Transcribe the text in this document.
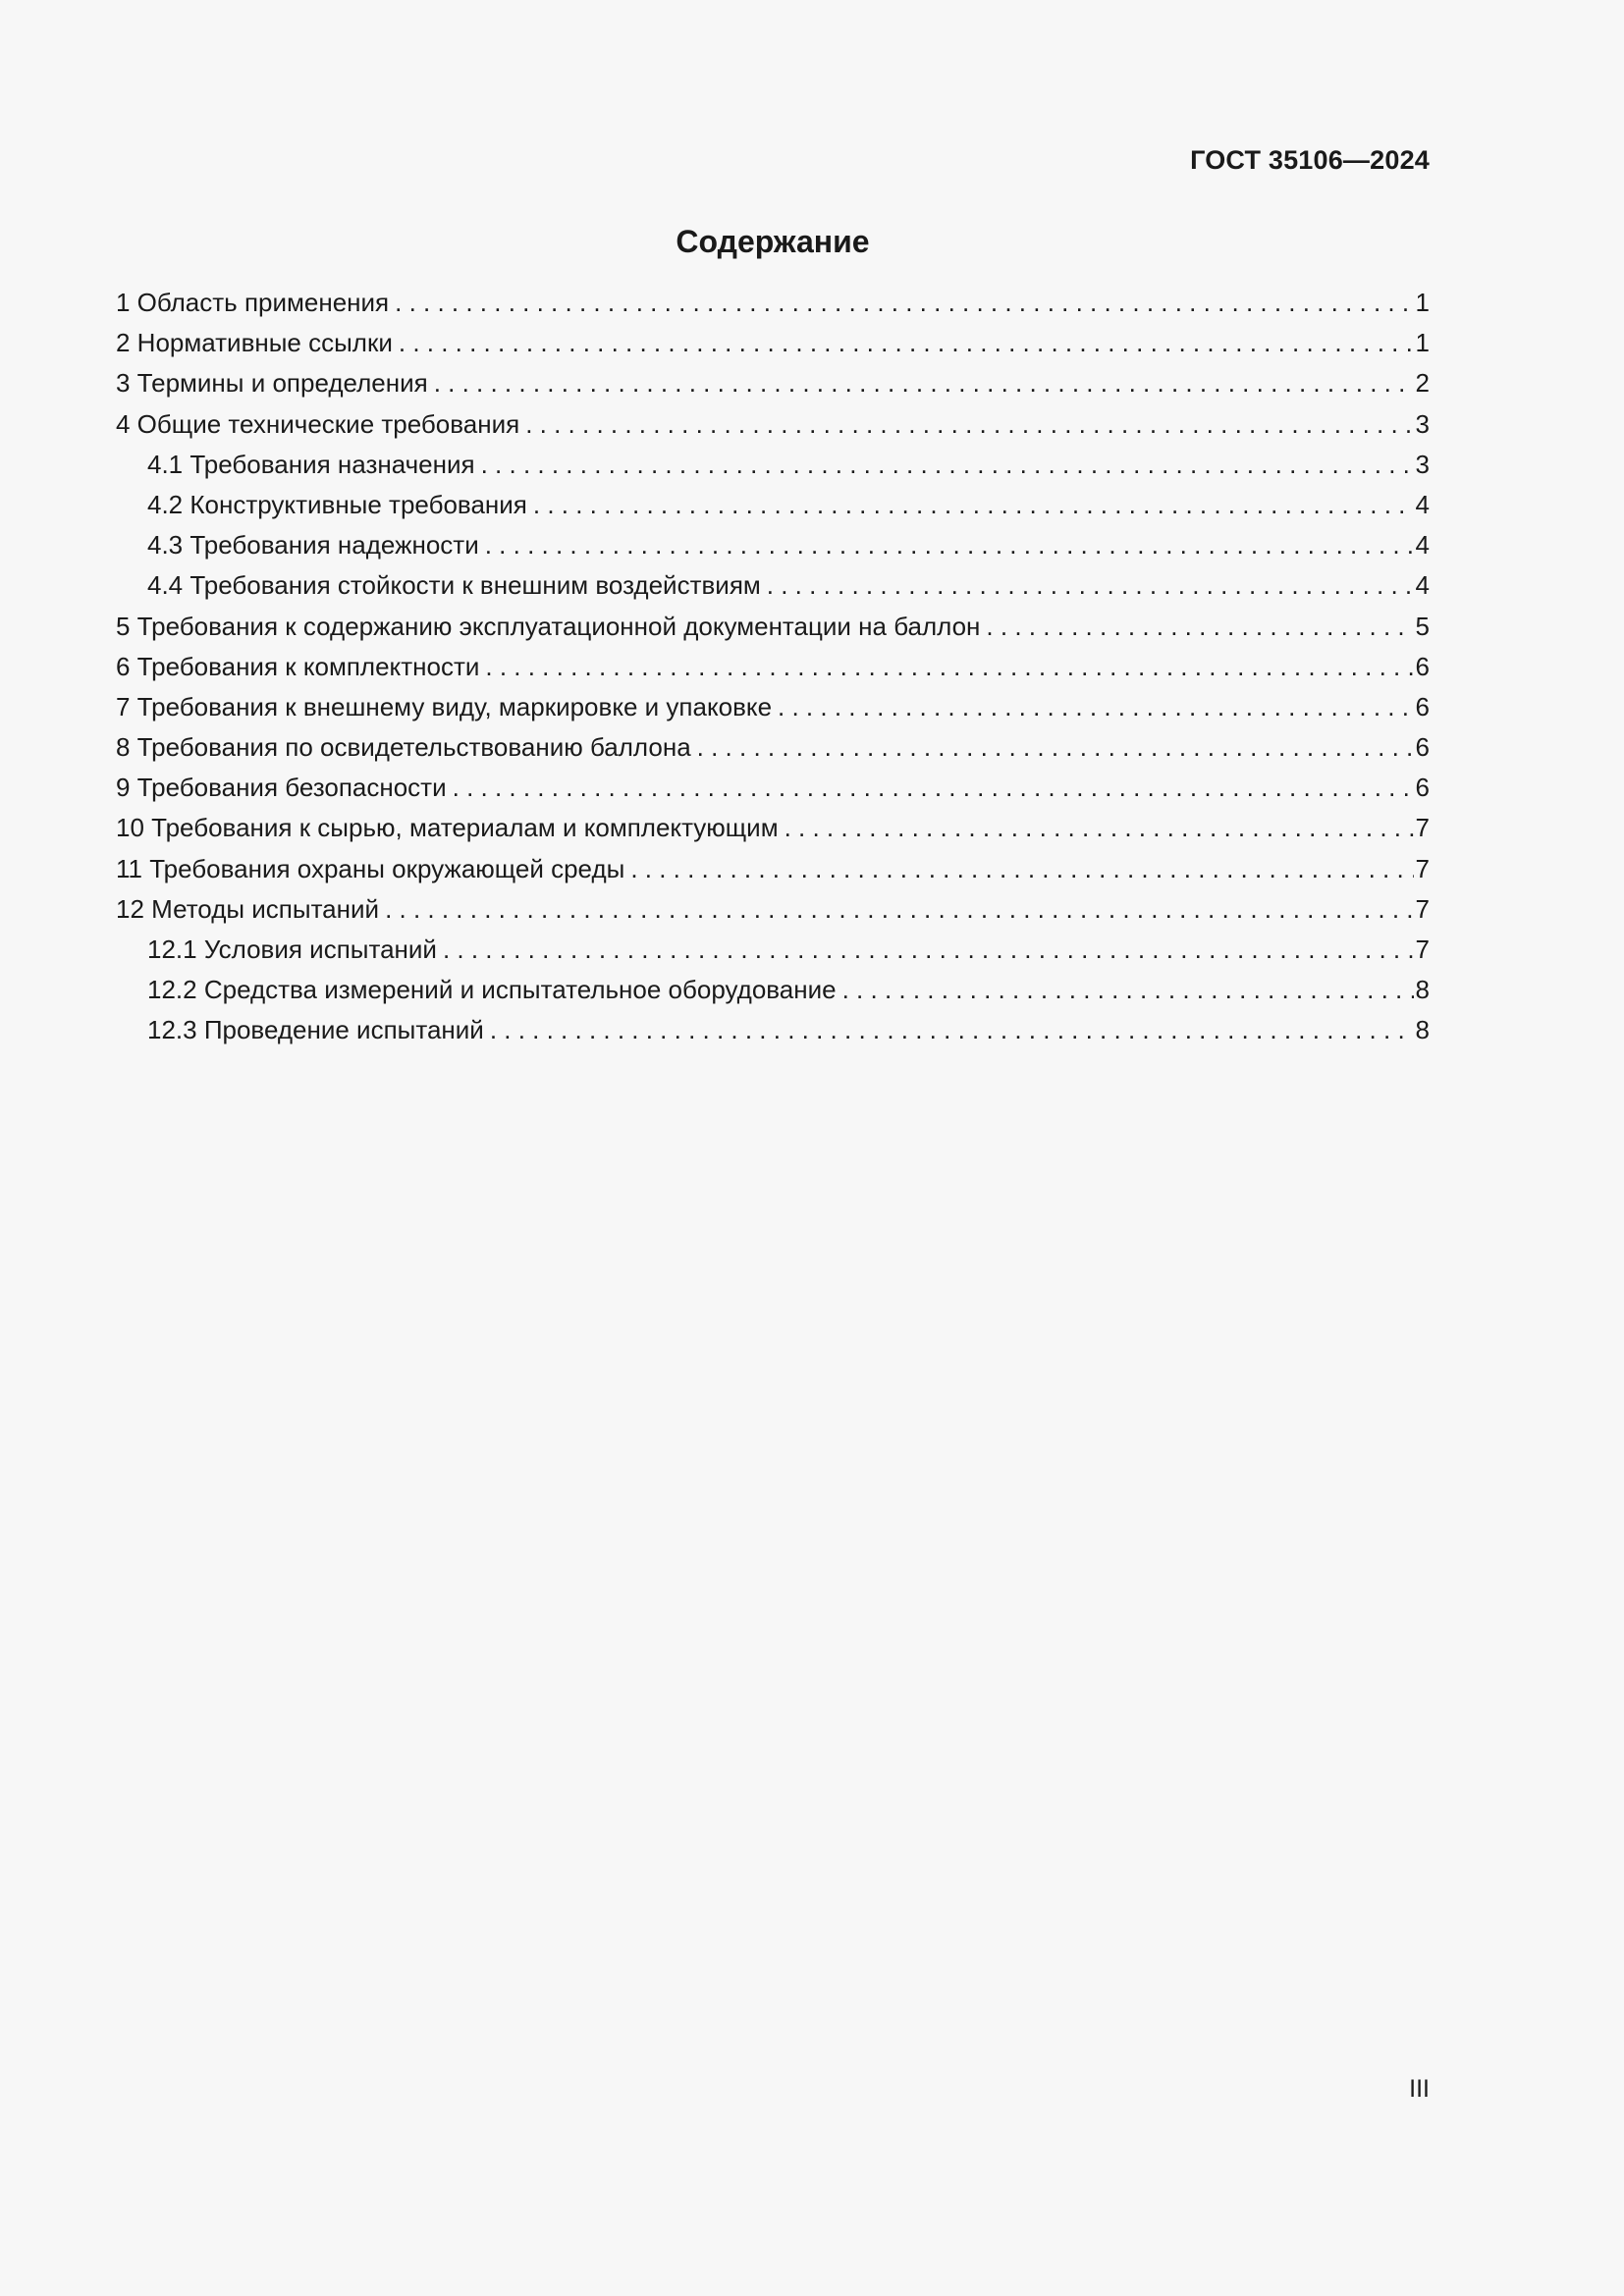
ГОСТ 35106—2024
Содержание
1 Область применения . . .	1
2 Нормативные ссылки . . .	1
3 Термины и определения . . .	2
4 Общие технические требования . . .	3
4.1 Требования назначения . . .	3
4.2 Конструктивные требования . . .	4
4.3 Требования надежности . . .	4
4.4 Требования стойкости к внешним воздействиям . . .	4
5 Требования к содержанию эксплуатационной документации на баллон . . .	5
6 Требования к комплектности . . .	6
7 Требования к внешнему виду, маркировке и упаковке . . .	6
8 Требования по освидетельствованию баллона . . .	6
9 Требования безопасности . . .	6
10 Требования к сырью, материалам и комплектующим . . .	7
11 Требования охраны окружающей среды . . .	7
12 Методы испытаний . . .	7
12.1 Условия испытаний . . .	7
12.2 Средства измерений и испытательное оборудование . . .	8
12.3 Проведение испытаний . . .	8
III
